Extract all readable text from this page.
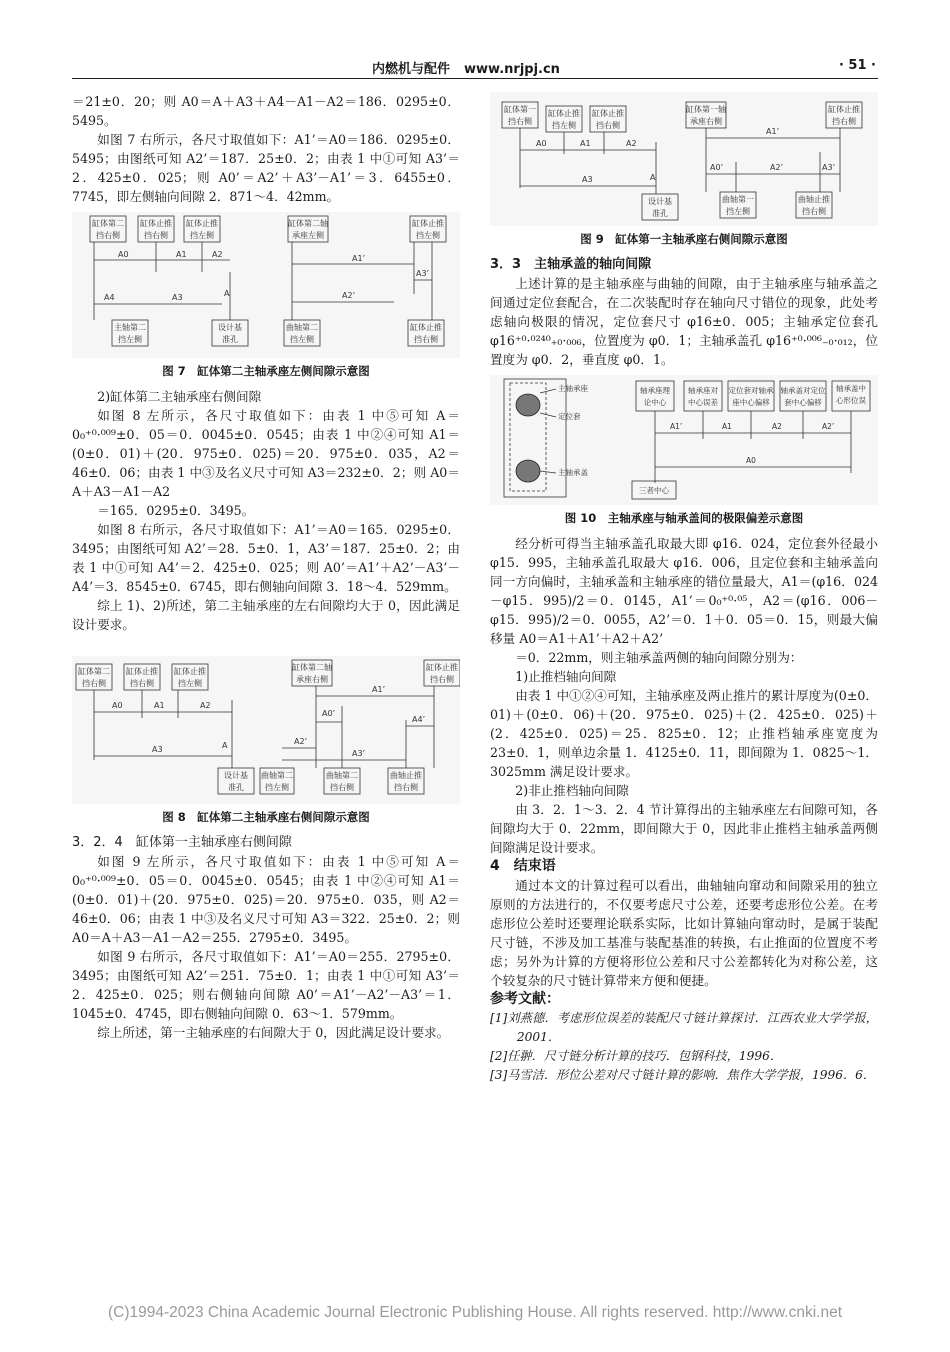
内燃机与配件 www.nrjpj.cn	· 51 ·

＝21±0．20；则 A0＝A＋A3＋A4－A1－A2＝186．0295±0．5495。

如图 7 右所示，各尺寸取值如下：A1’＝A0＝186．0295±0．5495；由图纸可知 A2’＝187．25±0．2；由表 1 中①可知 A3’＝2．425±0．025；则 A0’＝A2’＋A3’－A1’＝3．6455±0．7745，即左侧轴向间隙 2．871～4．42mm。

缸体第二
挡右侧
缸体止推
挡右侧
缸体止推
挡左侧
A0	A1	A2
A4	A3	A
主轴第二
挡左侧
设计基
准孔
缸体第二轴
承座左侧
缸体止推
挡左侧
A1’
A3’
A2’
曲轴第二
挡左侧
缸体止推
挡右侧
图 7　缸体第二主轴承座左侧间隙示意图

2)缸体第二主轴承座右侧间隙

如图 8 左所示，各尺寸取值如下：由表 1 中⑤可知 A＝0₀⁺⁰·⁰⁰⁹±0．05＝0．0045±0．0545；由表 1 中②④可知 A1＝(0±0．01)＋(20．975±0．025)＝20．975±0．035，A2＝46±0．06；由表 1 中③及名义尺寸可知 A3＝232±0．2；则 A0＝A＋A3－A1－A2

＝165．0295±0．3495。

如图 8 右所示，各尺寸取值如下：A1’＝A0＝165．0295±0．3495；由图纸可知 A2’＝28．5±0．1，A3’＝187．25±0．2；由表 1 中①可知 A4’＝2．425±0．025；则 A0’＝A1’＋A2’－A3’－A4’＝3．8545±0．6745，即右侧轴向间隙 3．18～4．529mm。

综上 1)、2)所述，第二主轴承座的左右间隙均大于 0，因此满足设计要求。

缸体第二
挡右侧
缸体止推
挡右侧
缸体止推
挡左侧
A0	A1	A2
A3	A
设计基
准孔
缸体第二轴
承座右侧
缸体止推
挡右侧
A1’
A0’
A4’
A2’
A3’
曲轴第二
挡左侧
曲轴第二
挡右侧
曲轴止推
挡右侧
图 8　缸体第二主轴承座右侧间隙示意图

3．2．4　缸体第一主轴承座右侧间隙

如图 9 左所示，各尺寸取值如下：由表 1 中⑤可知 A＝0₀⁺⁰·⁰⁰⁹±0．05＝0．0045±0．0545；由表 1 中②④可知 A1＝(0±0．01)＋(20．975±0．025)＝20．975±0．035，则 A2＝46±0．06；由表 1 中③及名义尺寸可知 A3＝322．25±0．2；则 A0＝A＋A3－A1－A2＝255．2795±0．3495。

如图 9 右所示，各尺寸取值如下：A1’＝A0＝255．2795±0．3495；由图纸可知 A2’＝251．75±0．1；由表 1 中①可知 A3’＝2．425±0．025；则右侧轴向间隙 A0’＝A1’－A2’－A3’＝1．1045±0．4745，即右侧轴向间隙 0．63～1．579mm。

综上所述，第一主轴承座的右间隙大于 0，因此满足设计要求。

缸体第一
挡右侧
缸体止推
挡左侧
缸体止推
挡右侧
A0	A1	A2
A3	A
设计基
准孔
缸体第一轴
承座右侧
缸体止推
挡右侧
A1’
A0’	A2’	A3’
曲轴第一
挡左侧
曲轴止推
挡右侧
图 9　缸体第一主轴承座右侧间隙示意图

3．3　主轴承盖的轴向间隙

上述计算的是主轴承座与曲轴的间隙，由于主轴承座与轴承盖之间通过定位套配合，在二次装配时存在轴向尺寸错位的现象，此处考虑轴向极限的情况，定位套尺寸 φ16±0．005；主轴承定位套孔 φ16⁺⁰·⁰²⁴⁰₊₀·₀₀₆，位置度为 φ0．1；主轴承盖孔 φ16⁺⁰·⁰⁰⁶₋₀·₀₁₂，位置度为 φ0．2，垂直度 φ0．1。

主轴承座
定位套
主轴承盖
轴承座理
论中心
轴承座对
中心误差
定位套对轴承
座中心偏移
轴承盖对定位
套中心偏移
轴承盖中
心形位误
A1’	A1	A2	A2’
A0
三者中心
图 10　主轴承座与轴承盖间的极限偏差示意图

经分析可得当主轴承盖孔取最大即 φ16．024，定位套外径最小 φ15．995，主轴承盖孔取最大 φ16．006，且定位套和主轴承盖向同一方向偏时，主轴承盖和主轴承座的错位量最大，A1＝(φ16．024－φ15．995)/2＝0．0145，A1’＝0₀⁺⁰·⁰⁵，A2＝(φ16．006－φ15．995)/2＝0．0055，A2’＝0．1＋0．05＝0．15，则最大偏移量 A0＝A1＋A1’＋A2＋A2’

＝0．22mm，则主轴承盖两侧的轴向间隙分别为：

1)止推档轴向间隙

由表 1 中①②④可知，主轴承座及两止推片的累计厚度为(0±0．01)＋(0±0．06)＋(20．975±0．025)＋(2．425±0．025)＋(2．425±0．025)＝25．825±0．12；止推档轴承座宽度为 23±0．1，则单边余量 1．4125±0．11，即间隙为 1．0825～1．3025mm 满足设计要求。

2)非止推档轴向间隙

由 3．2．1～3．2．4 节计算得出的主轴承座左右间隙可知，各间隙均大于 0．22mm，即间隙大于 0，因此非止推档主轴承盖两侧间隙满足设计要求。

4　结束语

通过本文的计算过程可以看出，曲轴轴向窜动和间隙采用的独立原则的方法进行的，不仅要考虑尺寸公差，还要考虑形位公差。在考虑形位公差时还要理论联系实际，比如计算轴向窜动时，是属于装配尺寸链，不涉及加工基准与装配基准的转换，右止推面的位置度不考虑；另外为计算的方便将形位公差和尺寸公差都转化为对称公差，这个较复杂的尺寸链计算带来方便和便捷。

参考文献：

[1]刘燕德．考虑形位误差的装配尺寸链计算探讨．江西农业大学学报，2001．

[2]任翀．尺寸链分析计算的技巧．包钢科技，1996．

[3]马雪洁．形位公差对尺寸链计算的影响．焦作大学学报，1996．6．

(C)1994-2023 China Academic Journal Electronic Publishing House. All rights reserved. http://www.cnki.net
